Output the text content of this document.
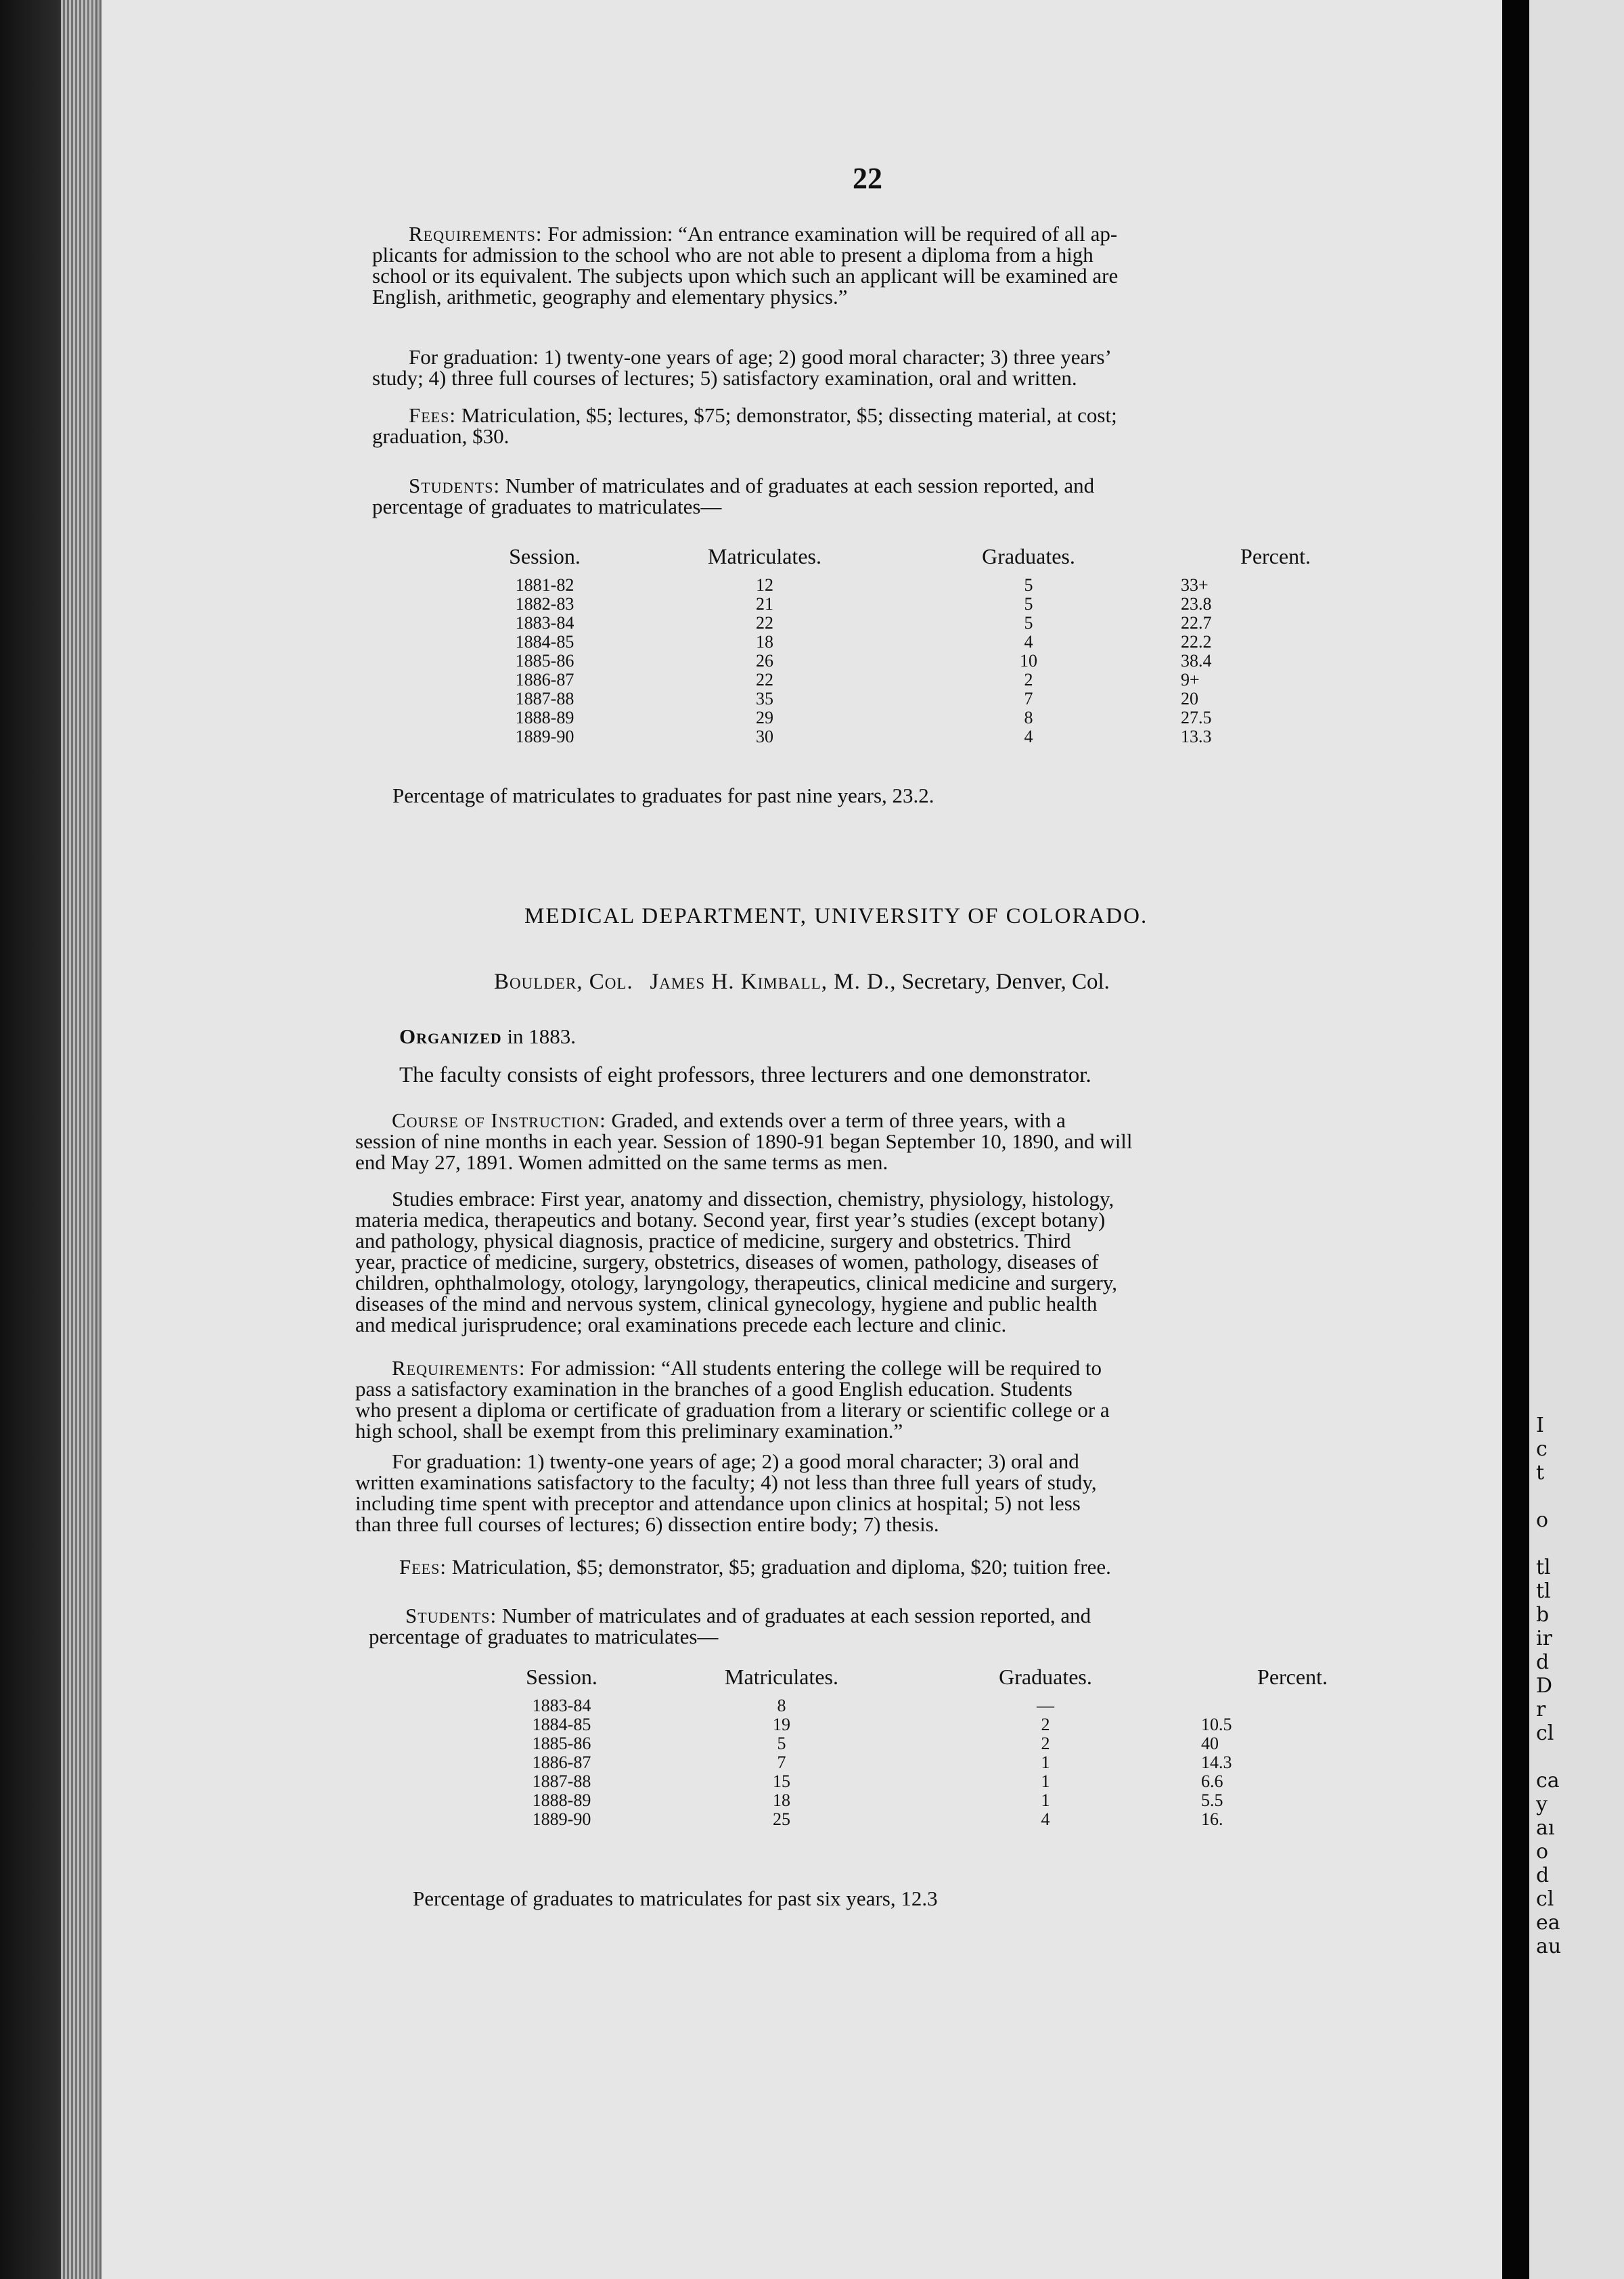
22
Requirements: For admission: “An entrance examination will be required of all ap-
plicants for admission to the school who are not able to present a diploma from a high
school or its equivalent. The subjects upon which such an applicant will be examined are
English, arithmetic, geography and elementary physics.”
For graduation: 1) twenty-one years of age; 2) good moral character; 3) three years’
study; 4) three full courses of lectures; 5) satisfactory examination, oral and written.
Fees: Matriculation, $5; lectures, $75; demonstrator, $5; dissecting material, at cost;
graduation, $30.
Students: Number of matriculates and of graduates at each session reported, and
percentage of graduates to matriculates—
Session.	Matriculates.	Graduates.	Percent.
1881-82	12	5	33+
1882-83	21	5	23.8
1883-84	22	5	22.7
1884-85	18	4	22.2
1885-86	26	10	38.4
1886-87	22	2	9+
1887-88	35	7	20
1888-89	29	8	27.5
1889-90	30	4	13.3
Percentage of matriculates to graduates for past nine years, 23.2.
MEDICAL DEPARTMENT, UNIVERSITY OF COLORADO.
Boulder, Col. James H. Kimball, M. D., Secretary, Denver, Col.
Organized in 1883.
The faculty consists of eight professors, three lecturers and one demonstrator.
Course of Instruction: Graded, and extends over a term of three years, with a
session of nine months in each year. Session of 1890-91 began September 10, 1890, and will
end May 27, 1891. Women admitted on the same terms as men.
Studies embrace: First year, anatomy and dissection, chemistry, physiology, histology,
materia medica, therapeutics and botany. Second year, first year’s studies (except botany)
and pathology, physical diagnosis, practice of medicine, surgery and obstetrics. Third
year, practice of medicine, surgery, obstetrics, diseases of women, pathology, diseases of
children, ophthalmology, otology, laryngology, therapeutics, clinical medicine and surgery,
diseases of the mind and nervous system, clinical gynecology, hygiene and public health
and medical jurisprudence; oral examinations precede each lecture and clinic.
Requirements: For admission: “All students entering the college will be required to
pass a satisfactory examination in the branches of a good English education. Students
who present a diploma or certificate of graduation from a literary or scientific college or a
high school, shall be exempt from this preliminary examination.”
For graduation: 1) twenty-one years of age; 2) a good moral character; 3) oral and
written examinations satisfactory to the faculty; 4) not less than three full years of study,
including time spent with preceptor and attendance upon clinics at hospital; 5) not less
than three full courses of lectures; 6) dissection entire body; 7) thesis.
Fees: Matriculation, $5; demonstrator, $5; graduation and diploma, $20; tuition free.
Students: Number of matriculates and of graduates at each session reported, and
percentage of graduates to matriculates—
Session.	Matriculates.	Graduates.	Percent.
1883-84	8	—	
1884-85	19	2	10.5
1885-86	5	2	40
1886-87	7	1	14.3
1887-88	15	1	6.6
1888-89	18	1	5.5
1889-90	25	4	16.
Percentage of graduates to matriculates for past six years, 12.3
I
c
t
o
tl
tl
b
ir
d
D
r
cl
ca
y
aı
o
d
cl
ea
au
